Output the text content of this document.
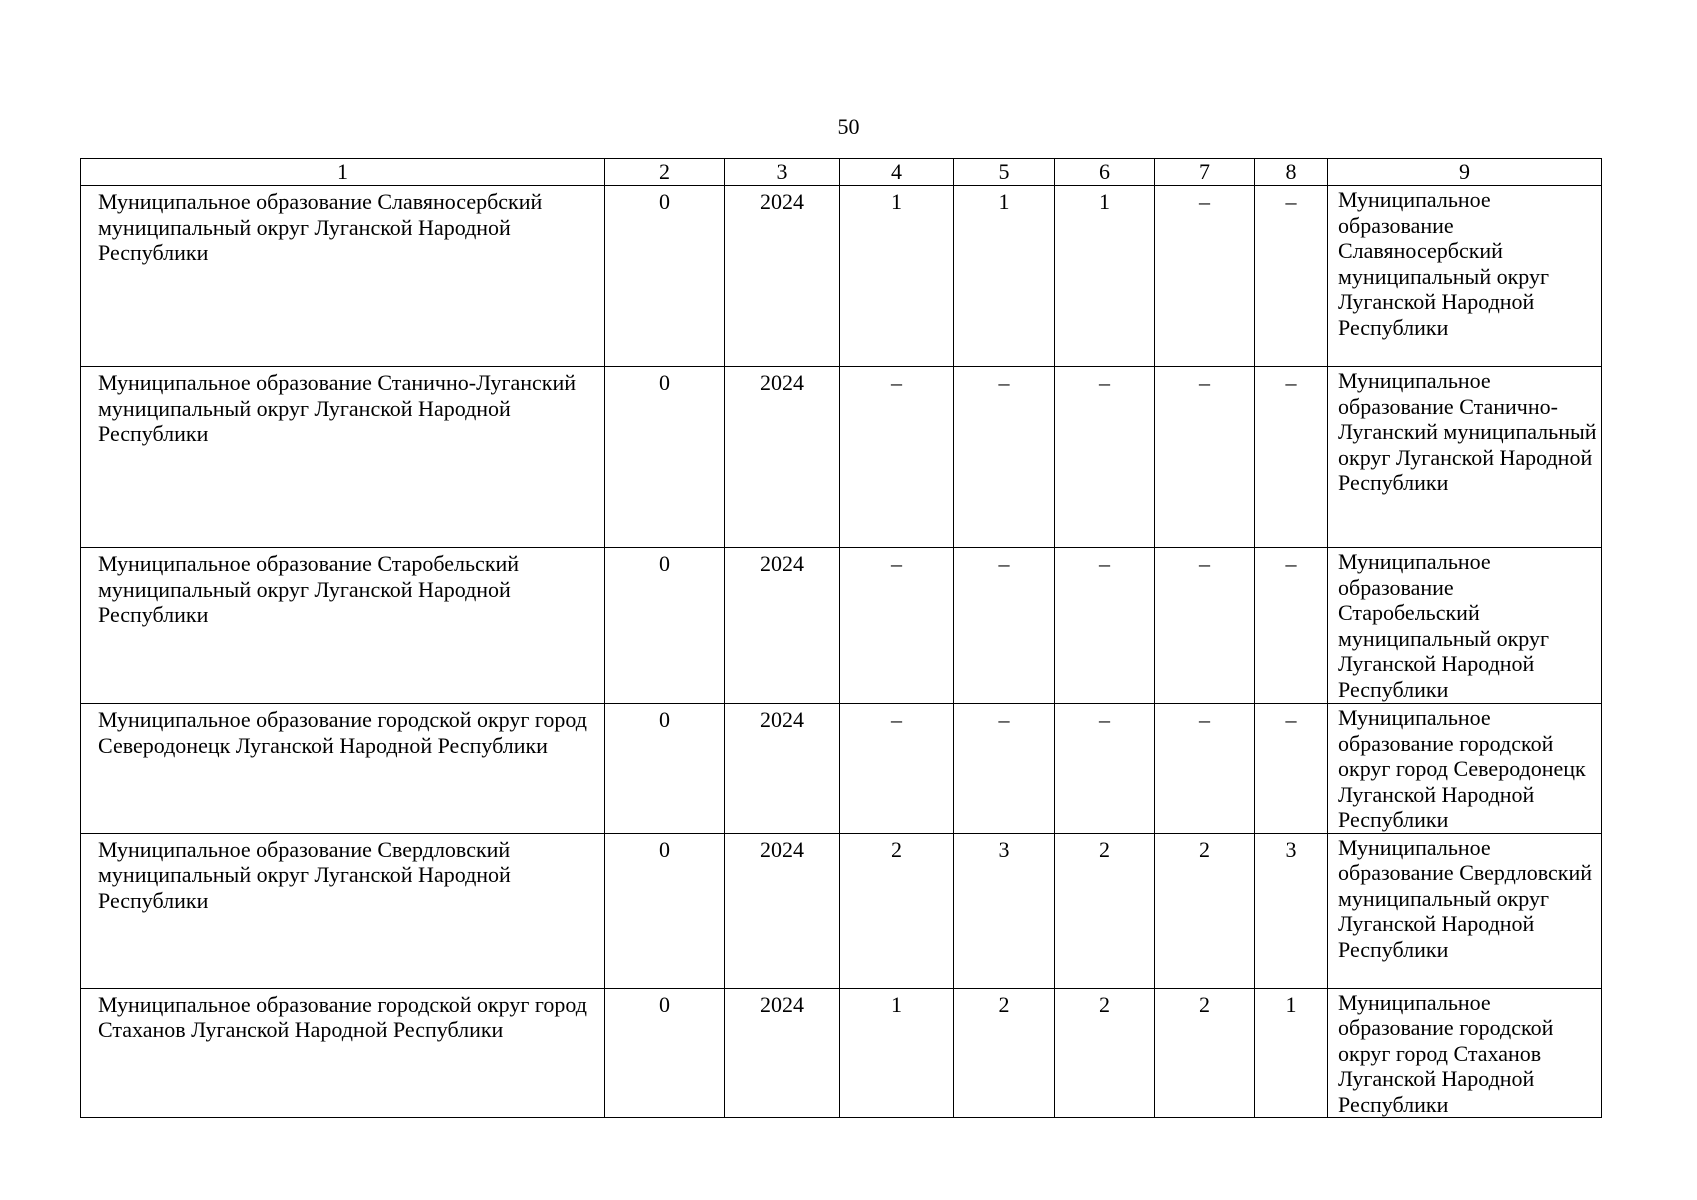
50
1	2	3	4	5	6	7	8	9
Муниципальное образование Славяносербский муниципальный округ Луганской Народной Республики	0	2024	1	1	1	–	–	Муниципальное образование Славяносербский муниципальный округ Луганской Народной Республики
Муниципальное образование Станично-Луганский муниципальный округ Луганской Народной Республики	0	2024	–	–	–	–	–	Муниципальное образование Станично-Луганский муниципальный округ Луганской Народной Республики
Муниципальное образование Старобельский муниципальный округ Луганской Народной Республики	0	2024	–	–	–	–	–	Муниципальное образование Старобельский муниципальный округ Луганской Народной Республики
Муниципальное образование городской округ город Северодонецк Луганской Народной Республики	0	2024	–	–	–	–	–	Муниципальное образование городской округ город Северодонецк Луганской Народной Республики
Муниципальное образование Свердловский муниципальный округ Луганской Народной Республики	0	2024	2	3	2	2	3	Муниципальное образование Свердловский муниципальный округ Луганской Народной Республики
Муниципальное образование городской округ город Стаханов Луганской Народной Республики	0	2024	1	2	2	2	1	Муниципальное образование городской округ город Стаханов Луганской Народной Республики
